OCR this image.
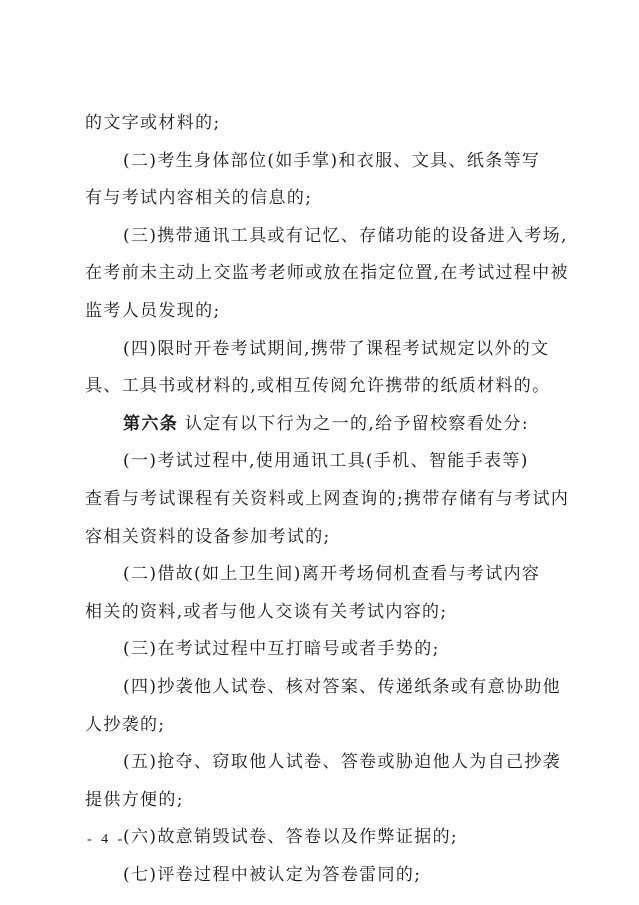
的文字或材料的;
(二)考生身体部位(如手掌)和衣服、文具、纸条等写
有与考试内容相关的信息的;
(三)携带通讯工具或有记忆、存储功能的设备进入考场,
在考前未主动上交监考老师或放在指定位置,在考试过程中被
监考人员发现的;
(四)限时开卷考试期间,携带了课程考试规定以外的文
具、工具书或材料的,或相互传阅允许携带的纸质材料的。
第六条 认定有以下行为之一的,给予留校察看处分:
(一)考试过程中,使用通讯工具(手机、智能手表等)
查看与考试课程有关资料或上网查询的;携带存储有与考试内
容相关资料的设备参加考试的;
(二)借故(如上卫生间)离开考场伺机查看与考试内容
相关的资料,或者与他人交谈有关考试内容的;
(三)在考试过程中互打暗号或者手势的;
(四)抄袭他人试卷、核对答案、传递纸条或有意协助他
人抄袭的;
(五)抢夺、窃取他人试卷、答卷或胁迫他人为自己抄袭
提供方便的;
(六)故意销毁试卷、答卷以及作弊证据的;
(七)评卷过程中被认定为答卷雷同的;
- 4 -
